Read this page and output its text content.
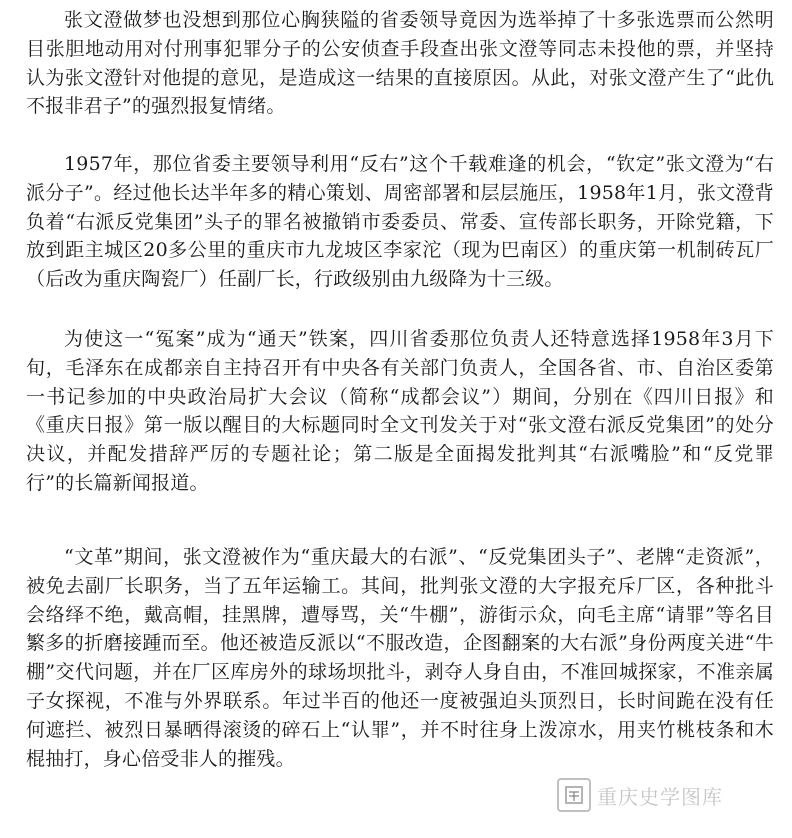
张文澄做梦也没想到那位心胸狭隘的省委领导竟因为选举掉了十多张选票而公然明目张胆地动用对付刑事犯罪分子的公安侦查手段查出张文澄等同志未投他的票，并坚持认为张文澄针对他提的意见，是造成这一结果的直接原因。从此，对张文澄产生了“此仇不报非君子”的强烈报复情绪。

1957年，那位省委主要领导利用“反右”这个千载难逢的机会，“钦定”张文澄为“右派分子”。经过他长达半年多的精心策划、周密部署和层层施压，1958年1月，张文澄背负着“右派反党集团”头子的罪名被撤销市委委员、常委、宣传部长职务，开除党籍，下放到距主城区20多公里的重庆市九龙坡区李家沱（现为巴南区）的重庆第一机制砖瓦厂（后改为重庆陶瓷厂）任副厂长，行政级别由九级降为十三级。

为使这一“冤案”成为“通天”铁案，四川省委那位负责人还特意选择1958年3月下旬，毛泽东在成都亲自主持召开有中央各有关部门负责人，全国各省、市、自治区委第一书记参加的中央政治局扩大会议（简称“成都会议”）期间，分别在《四川日报》和《重庆日报》第一版以醒目的大标题同时全文刊发关于对“张文澄右派反党集团”的处分决议，并配发措辞严厉的专题社论；第二版是全面揭发批判其“右派嘴脸”和“反党罪行”的长篇新闻报道。

“文革”期间，张文澄被作为“重庆最大的右派”、“反党集团头子”、老牌“走资派”，被免去副厂长职务，当了五年运输工。其间，批判张文澄的大字报充斥厂区，各种批斗会络绎不绝，戴高帽，挂黑牌，遭辱骂，关“牛棚”，游街示众，向毛主席“请罪”等名目繁多的折磨接踵而至。他还被造反派以“不服改造，企图翻案的大右派”身份两度关进“牛棚”交代问题，并在厂区库房外的球场坝批斗，剥夺人身自由，不准回城探家，不准亲属子女探视，不准与外界联系。年过半百的他还一度被强迫头顶烈日，长时间跪在没有任何遮拦、被烈日暴晒得滚烫的碎石上“认罪”，并不时往身上泼凉水，用夹竹桃枝条和木棍抽打，身心倍受非人的摧残。

重庆史学图库
